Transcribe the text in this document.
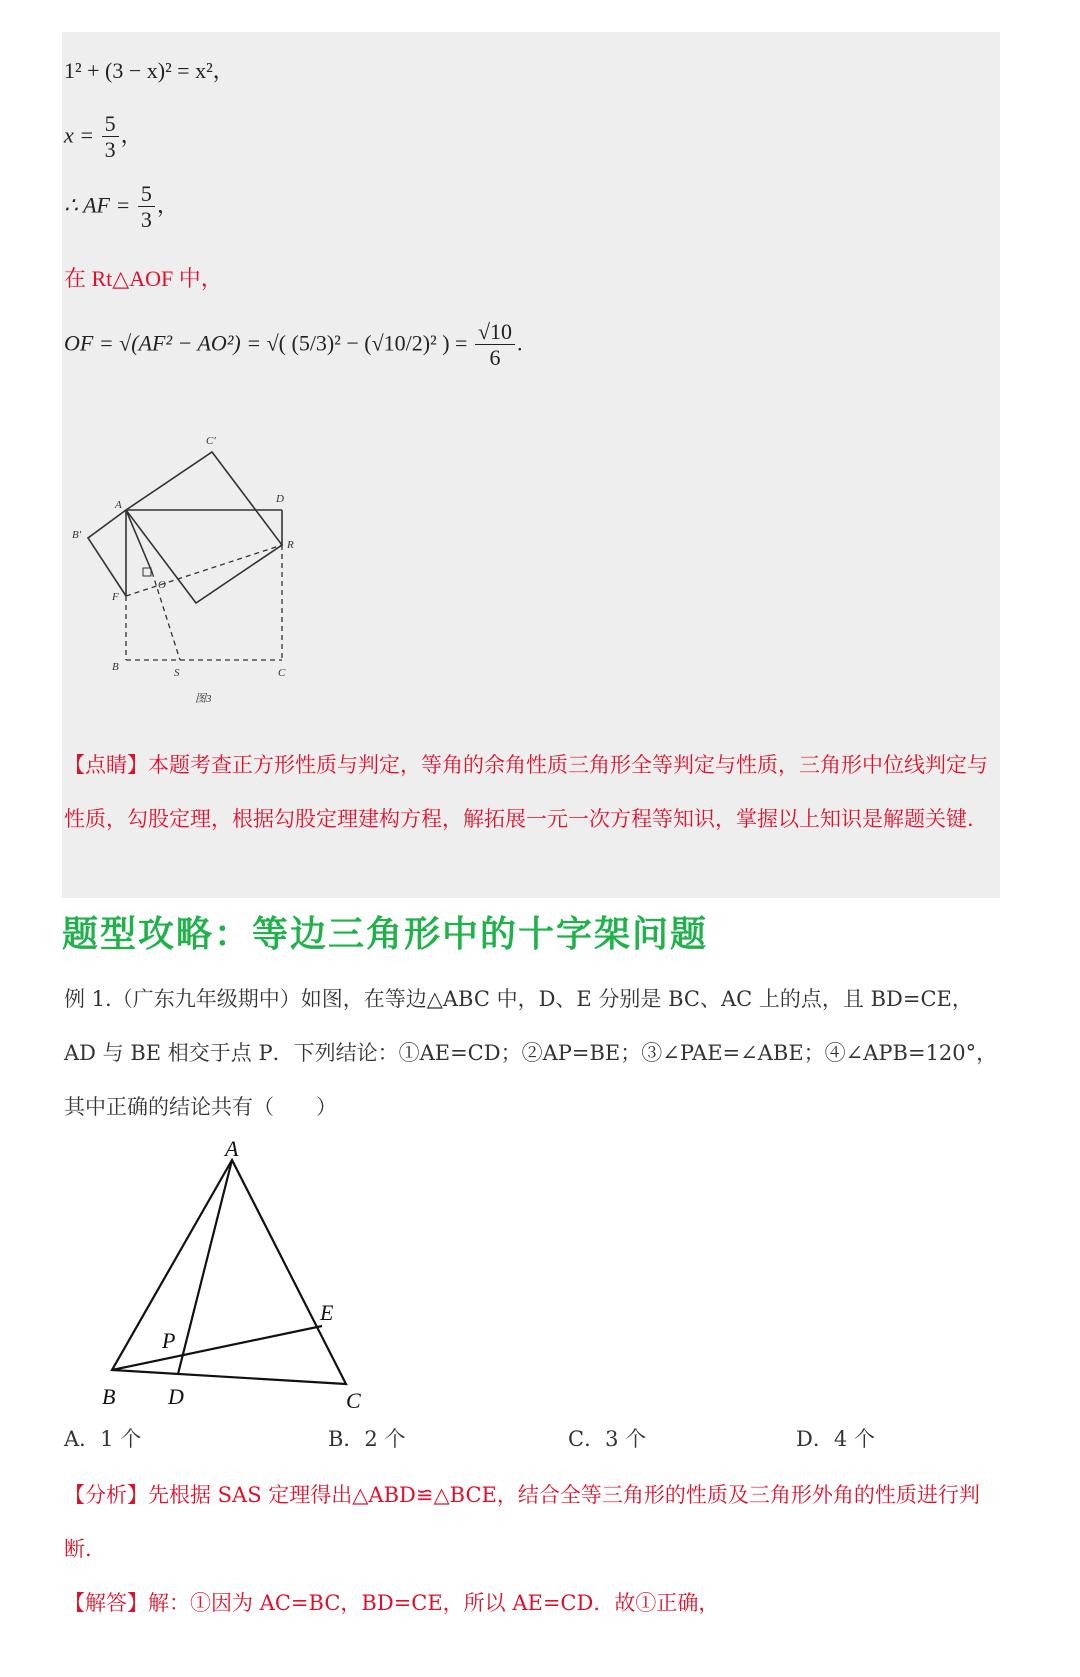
1² + (3 − x)² = x²，
$x = \frac{5}{3}$ ，
∴ AF = $\frac{5}{3}$ ，
在 Rt△AOF 中，
OF = √(AF² − AO²) = √( (5/3)² − (√10/2)² ) = $\frac{√10}{6}$ .
C'
A	D
B'
R
F
O
B	S	C
图3
【点睛】本题考查正方形性质与判定，等角的余角性质三角形全等判定与性质，三角形中位线判定与性质，勾股定理，根据勾股定理建构方程，解拓展一元一次方程等知识，掌握以上知识是解题关键.
题型攻略：等边三角形中的十字架问题
例 1.（广东九年级期中）如图，在等边△ABC 中，D、E 分别是 BC、AC 上的点，且 BD=CE，AD 与 BE 相交于点 P．下列结论：①AE=CD；②AP=BE；③∠PAE=∠ABE；④∠APB=120°，其中正确的结论共有（　　）
A
E
P
B D	C
A．1 个	B．2 个	C．3 个	D．4 个
【分析】先根据 SAS 定理得出△ABD≌△BCE，结合全等三角形的性质及三角形外角的性质进行判断.
【解答】解：①因为 AC=BC，BD=CE，所以 AE=CD．故①正确，
